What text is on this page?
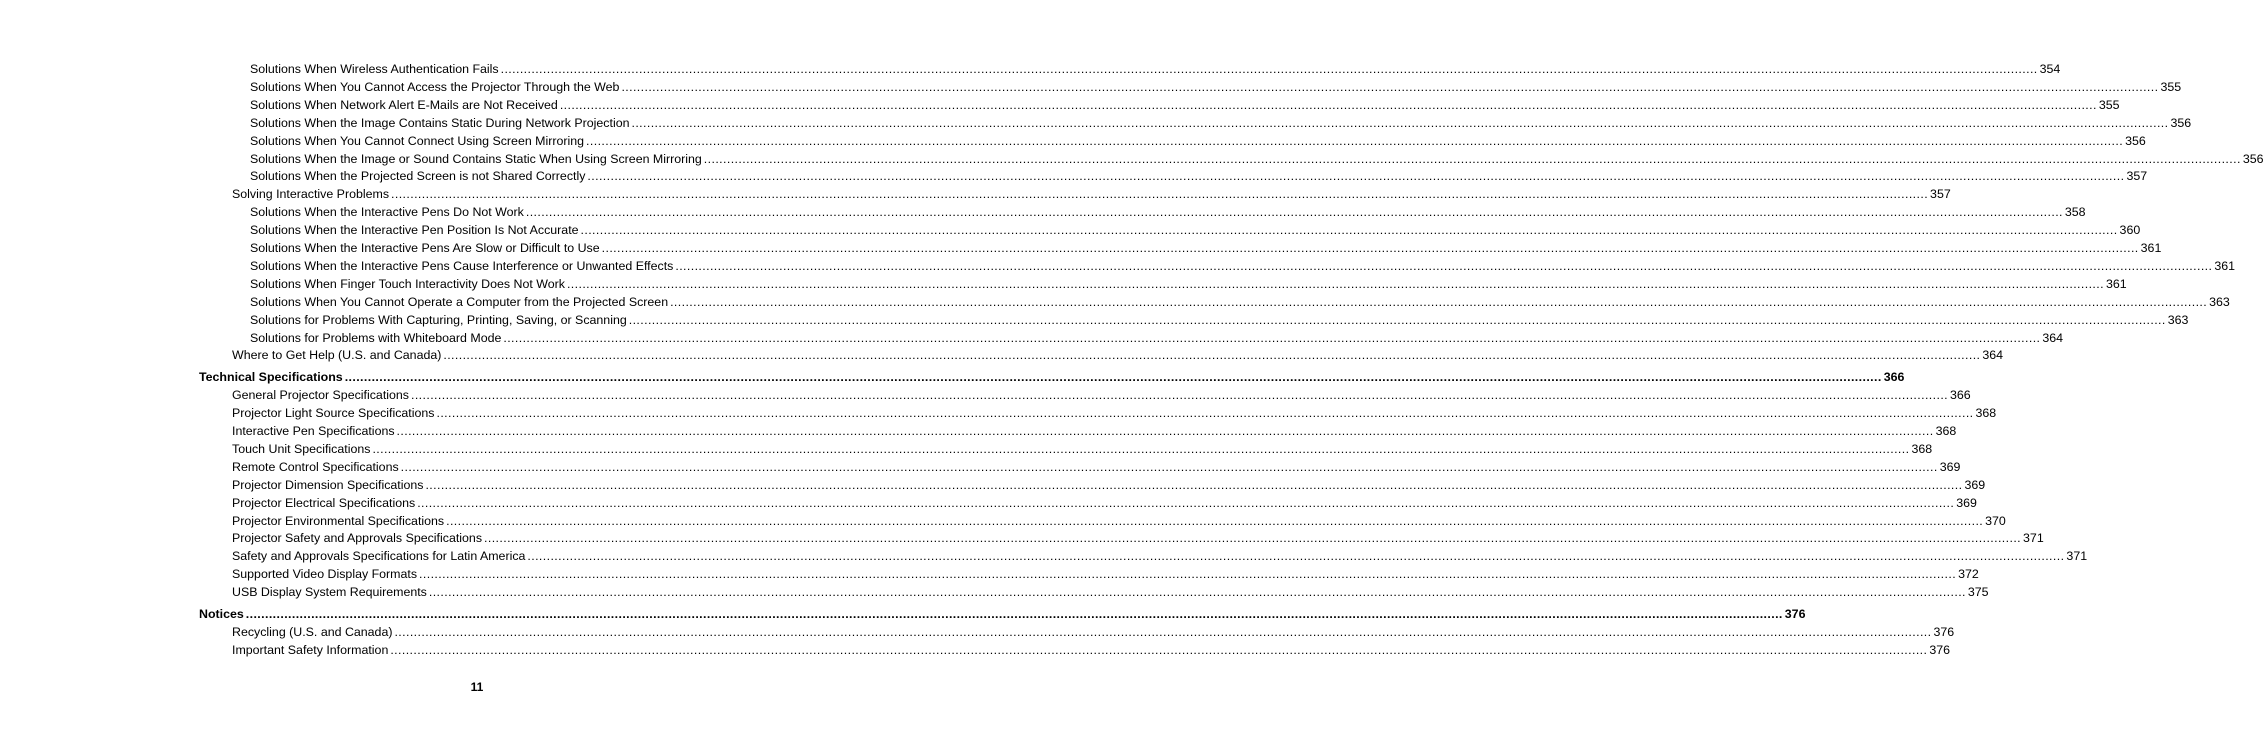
Solutions When Wireless Authentication Fails ................................................................................................................................................................................................................................................................................................................................................................................................................ 354
Solutions When You Cannot Access the Projector Through the Web ................................................................................................................................................................................................................................................................................................................................................................................................................ 355
Solutions When Network Alert E-Mails are Not Received ................................................................................................................................................................................................................................................................................................................................................................................................................ 355
Solutions When the Image Contains Static During Network Projection ................................................................................................................................................................................................................................................................................................................................................................................................................ 356
Solutions When You Cannot Connect Using Screen Mirroring ................................................................................................................................................................................................................................................................................................................................................................................................................ 356
Solutions When the Image or Sound Contains Static When Using Screen Mirroring ................................................................................................................................................................................................................................................................................................................................................................................................................ 356
Solutions When the Projected Screen is not Shared Correctly ................................................................................................................................................................................................................................................................................................................................................................................................................ 357
Solving Interactive Problems ................................................................................................................................................................................................................................................................................................................................................................................................................ 357
Solutions When the Interactive Pens Do Not Work ................................................................................................................................................................................................................................................................................................................................................................................................................ 358
Solutions When the Interactive Pen Position Is Not Accurate ................................................................................................................................................................................................................................................................................................................................................................................................................ 360
Solutions When the Interactive Pens Are Slow or Difficult to Use ................................................................................................................................................................................................................................................................................................................................................................................................................ 361
Solutions When the Interactive Pens Cause Interference or Unwanted Effects ................................................................................................................................................................................................................................................................................................................................................................................................................ 361
Solutions When Finger Touch Interactivity Does Not Work ................................................................................................................................................................................................................................................................................................................................................................................................................ 361
Solutions When You Cannot Operate a Computer from the Projected Screen ................................................................................................................................................................................................................................................................................................................................................................................................................ 363
Solutions for Problems With Capturing, Printing, Saving, or Scanning ................................................................................................................................................................................................................................................................................................................................................................................................................ 363
Solutions for Problems with Whiteboard Mode ................................................................................................................................................................................................................................................................................................................................................................................................................ 364
Where to Get Help (U.S. and Canada) ................................................................................................................................................................................................................................................................................................................................................................................................................ 364
Technical Specifications ................................................................................................................................................................................................................................................................................................................................................................................................................ 366
General Projector Specifications ................................................................................................................................................................................................................................................................................................................................................................................................................ 366
Projector Light Source Specifications ................................................................................................................................................................................................................................................................................................................................................................................................................ 368
Interactive Pen Specifications ................................................................................................................................................................................................................................................................................................................................................................................................................ 368
Touch Unit Specifications ................................................................................................................................................................................................................................................................................................................................................................................................................ 368
Remote Control Specifications ................................................................................................................................................................................................................................................................................................................................................................................................................ 369
Projector Dimension Specifications ................................................................................................................................................................................................................................................................................................................................................................................................................ 369
Projector Electrical Specifications ................................................................................................................................................................................................................................................................................................................................................................................................................ 369
Projector Environmental Specifications ................................................................................................................................................................................................................................................................................................................................................................................................................ 370
Projector Safety and Approvals Specifications ................................................................................................................................................................................................................................................................................................................................................................................................................ 371
Safety and Approvals Specifications for Latin America ................................................................................................................................................................................................................................................................................................................................................................................................................ 371
Supported Video Display Formats ................................................................................................................................................................................................................................................................................................................................................................................................................ 372
USB Display System Requirements ................................................................................................................................................................................................................................................................................................................................................................................................................ 375
Notices ................................................................................................................................................................................................................................................................................................................................................................................................................ 376
Recycling (U.S. and Canada) ................................................................................................................................................................................................................................................................................................................................................................................................................ 376
Important Safety Information ................................................................................................................................................................................................................................................................................................................................................................................................................ 376
11
